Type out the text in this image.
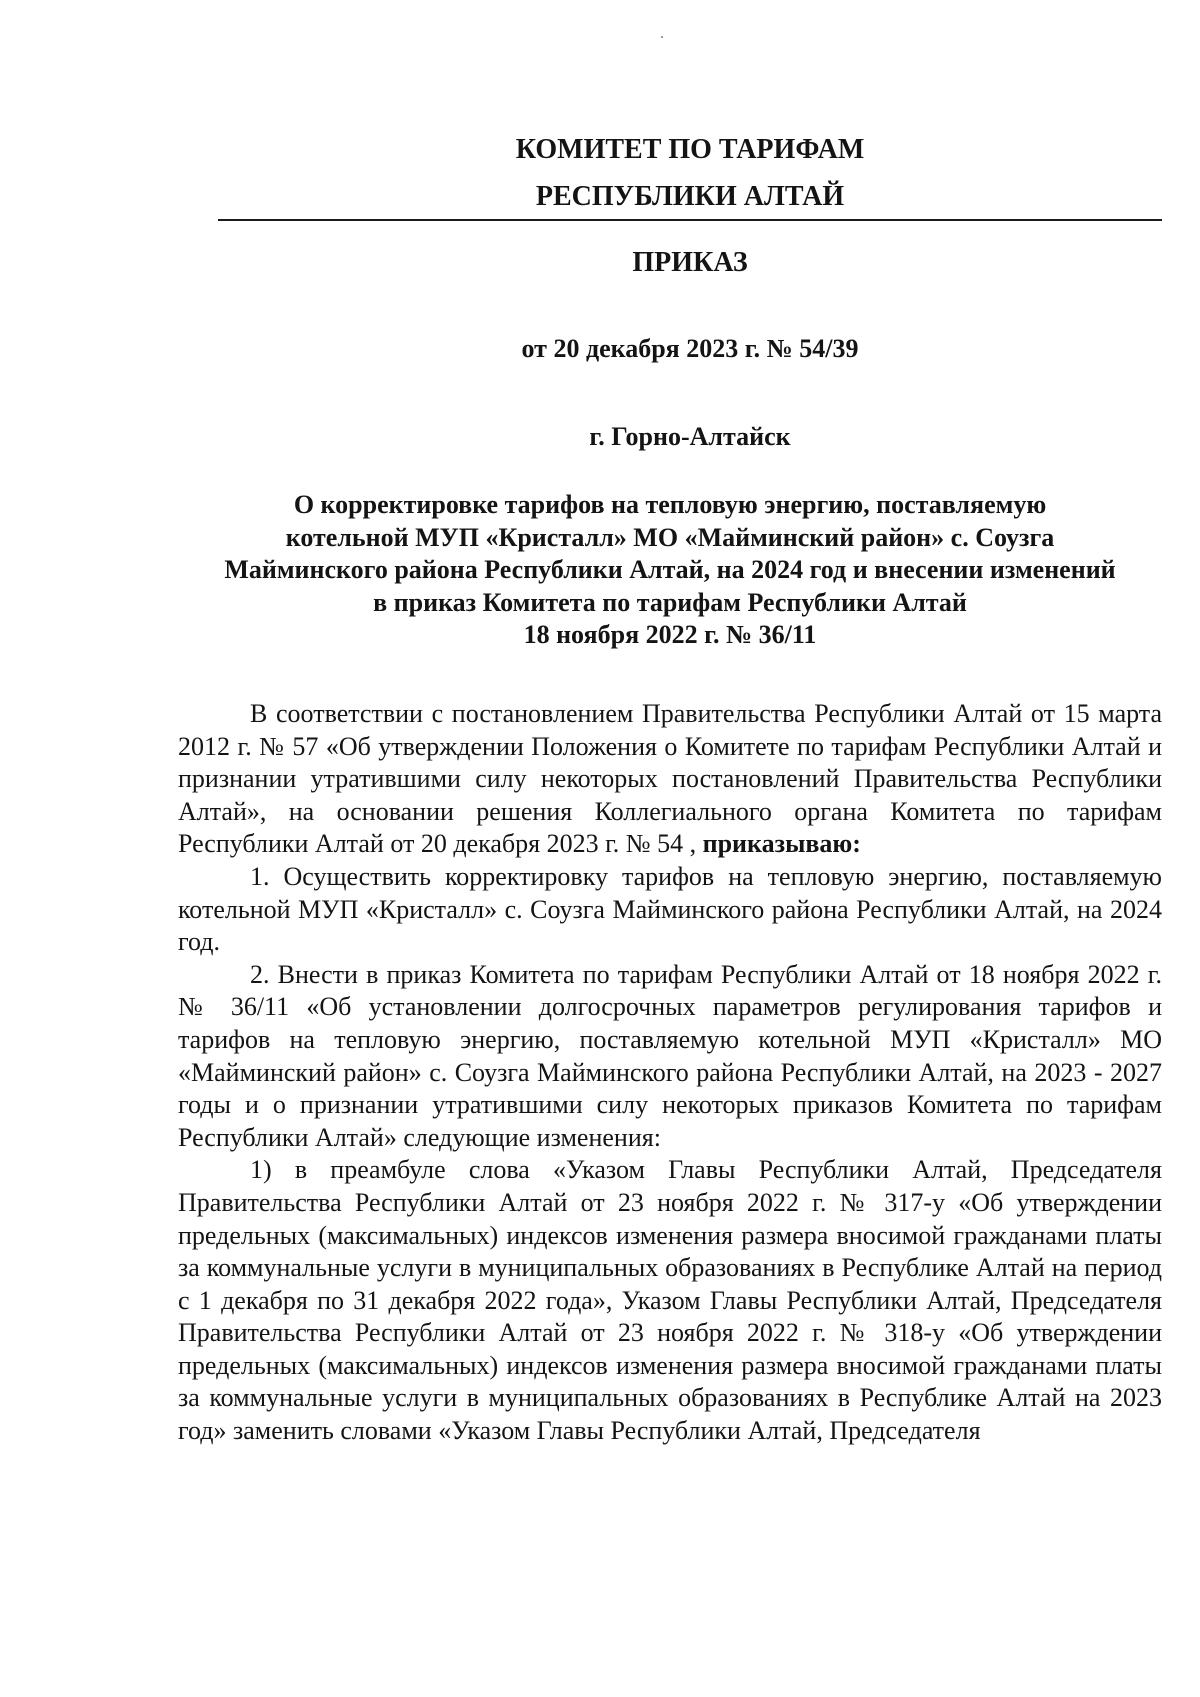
КОМИТЕТ ПО ТАРИФАМ
РЕСПУБЛИКИ АЛТАЙ
ПРИКАЗ
от 20 декабря 2023 г. № 54/39
г. Горно-Алтайск
О корректировке тарифов на тепловую энергию, поставляемую
котельной МУП «Кристалл» МО «Майминский район» с. Соузга
Майминского района Республики Алтай, на 2024 год и внесении изменений
в приказ Комитета по тарифам Республики Алтай
18 ноября 2022 г. № 36/11

В соответствии с постановлением Правительства Республики Алтай от 15 марта 2012 г. № 57 «Об утверждении Положения о Комитете по тарифам Республики Алтай и признании утратившими силу некоторых постановлений Правительства Республики Алтай», на основании решения Коллегиального органа Комитета по тарифам Республики Алтай от 20 декабря 2023 г. № 54 , приказываю:

1. Осуществить корректировку тарифов на тепловую энергию, поставляемую котельной МУП «Кристалл» с. Соузга Майминского района Республики Алтай, на 2024 год.

2. Внести в приказ Комитета по тарифам Республики Алтай от 18 ноября 2022 г. № 36/11 «Об установлении долгосрочных параметров регулирования тарифов и тарифов на тепловую энергию, поставляемую котельной МУП «Кристалл» МО «Майминский район» с. Соузга Майминского района Республики Алтай, на 2023 - 2027 годы и о признании утратившими силу некоторых приказов Комитета по тарифам Республики Алтай» следующие изменения:

1) в преамбуле слова «Указом Главы Республики Алтай, Председателя Правительства Республики Алтай от 23 ноября 2022 г. № 317-у «Об утверждении предельных (максимальных) индексов изменения размера вносимой гражданами платы за коммунальные услуги в муниципальных образованиях в Республике Алтай на период с 1 декабря по 31 декабря 2022 года», Указом Главы Республики Алтай, Председателя Правительства Республики Алтай от 23 ноября 2022 г. № 318-у «Об утверждении предельных (максимальных) индексов изменения размера вносимой гражданами платы за коммунальные услуги в муниципальных образованиях в Республике Алтай на 2023 год» заменить словами «Указом Главы Республики Алтай, Председателя
